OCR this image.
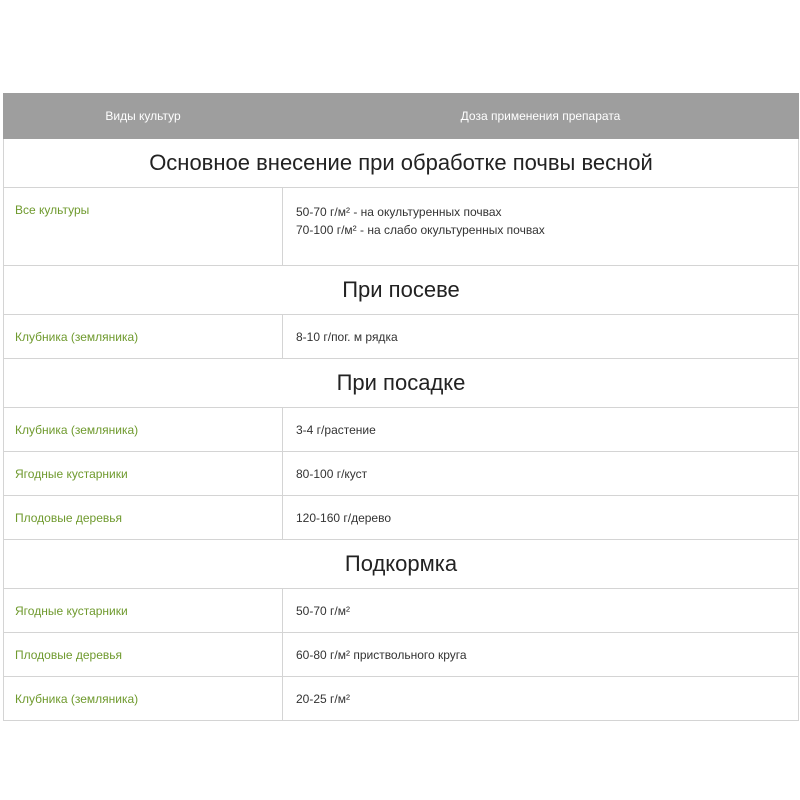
Виды культур	Доза применения препарата
Основное внесение при обработке почвы весной	
Все культуры	50-70 г/м² - на окультуренных почвах
70-100 г/м² - на слабо окультуренных почвах

При посеве	
Клубника (земляника)	8-10 г/пог. м рядка
При посадке	
Клубника (земляника)	3-4 г/растение
Ягодные кустарники	80-100 г/куст
Плодовые деревья	120-160 г/дерево
Подкормка	
Ягодные кустарники	50-70 г/м²
Плодовые деревья	60-80 г/м² приствольного круга
Клубника (земляника)	20-25 г/м²
